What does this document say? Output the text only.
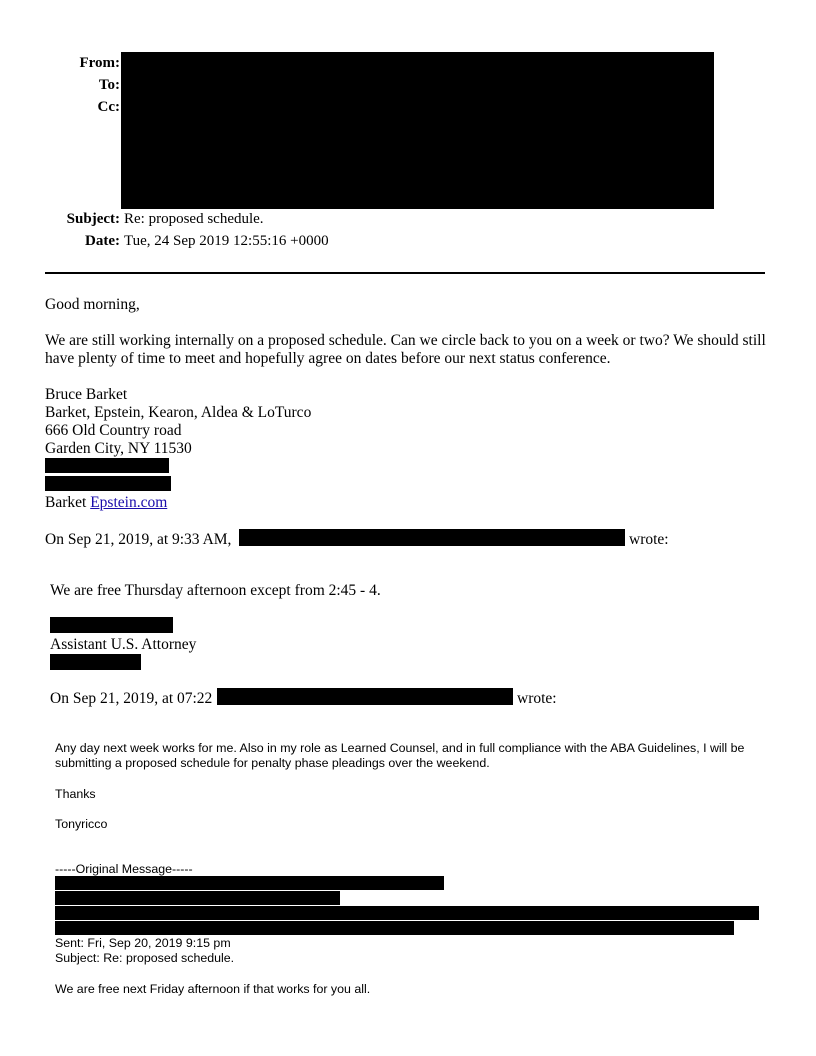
From:
To:
Cc:
Subject: Re: proposed schedule.
Date: Tue, 24 Sep 2019 12:55:16 +0000
Good morning,
We are still working internally on a proposed schedule. Can we circle back to you on a week or two? We should still have plenty of time to meet and hopefully agree on dates before our next status conference.
Bruce Barket
Barket, Epstein, Kearon, Aldea & LoTurco
666 Old Country road
Garden City, NY 11530
Barket Epstein.com
On Sep 21, 2019, at 9:33 AM,	wrote:
We are free Thursday afternoon except from 2:45 - 4.
Assistant U.S. Attorney
On Sep 21, 2019, at 07:22	wrote:
Any day next week works for me. Also in my role as Learned Counsel, and in full compliance with the ABA Guidelines, I will be submitting a proposed schedule for penalty phase pleadings over the weekend.
Thanks
Tonyricco
-----Original Message-----
Sent: Fri, Sep 20, 2019 9:15 pm
Subject: Re: proposed schedule.
We are free next Friday afternoon if that works for you all.
